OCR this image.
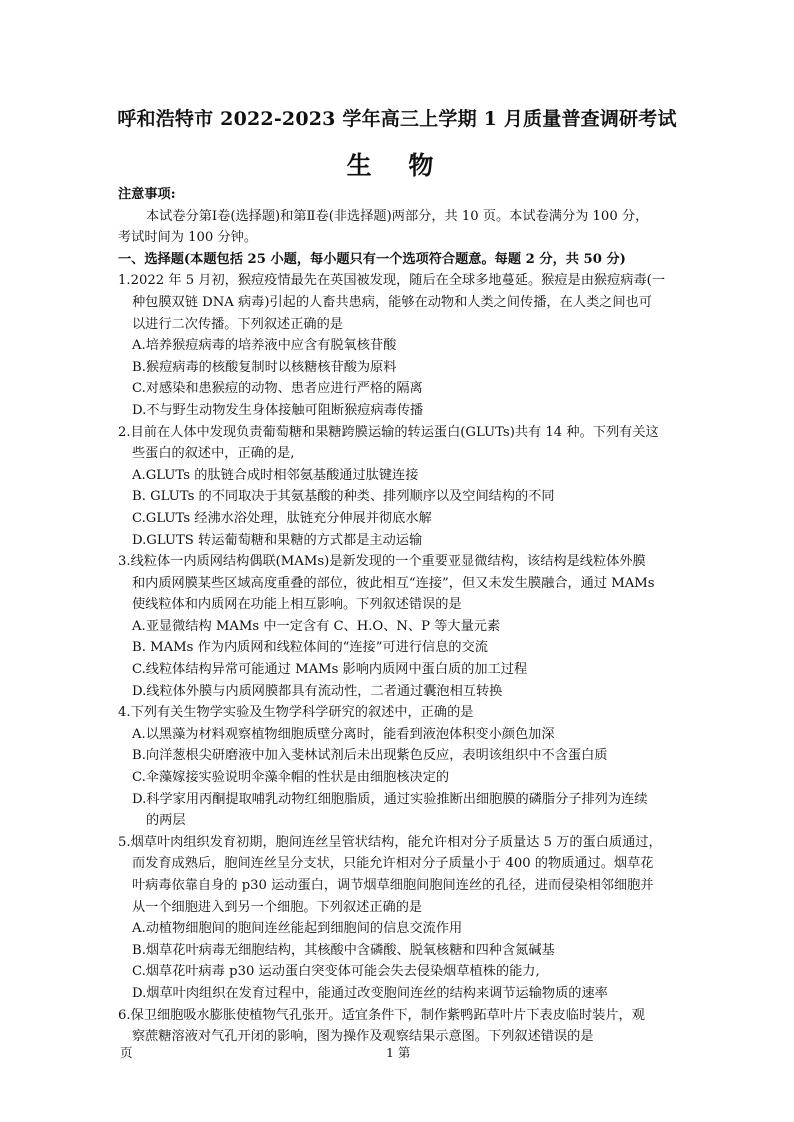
呼和浩特市 2022-2023 学年高三上学期 1 月质量普查调研考试
生 物
注意事项:
本试卷分第Ⅰ卷(选择题)和第Ⅱ卷(非选择题)两部分，共 10 页。本试卷满分为 100 分，
考试时间为 100 分钟。
一、选择题(本题包括 25 小题，每小题只有一个选项符合题意。每题 2 分，共 50 分)
1.2022 年 5 月初，猴痘疫情最先在英国被发现，随后在全球多地蔓延。猴痘是由猴痘病毒(一
种包膜双链 DNA 病毒)引起的人畜共患病，能够在动物和人类之间传播，在人类之间也可
以进行二次传播。下列叙述正确的是
A.培养猴痘病毒的培养液中应含有脱氧核苷酸
B.猴痘病毒的核酸复制时以核糖核苷酸为原料
C.对感染和患猴痘的动物、患者应进行严格的隔离
D.不与野生动物发生身体接触可阻断猴痘病毒传播
2.目前在人体中发现负责葡萄糖和果糖跨膜运输的转运蛋白(GLUTs)共有 14 种。下列有关这
些蛋白的叙述中，正确的是,
A.GLUTs 的肽链合成时相邻氨基酸通过肽键连接
B. GLUTs 的不同取决于其氨基酸的种类、排列顺序以及空间结构的不同
C.GLUTs 经沸水浴处理，肽链充分伸展并彻底水解
D.GLUTS 转运葡萄糖和果糖的方式都是主动运输
3.线粒体一内质网结构偶联(MAMs)是新发现的一个重要亚显微结构，该结构是线粒体外膜
和内质网膜某些区域高度重叠的部位，彼此相互“连接”，但又未发生膜融合，通过 MAMs
使线粒体和内质网在功能上相互影响。下列叙述错误的是
A.亚显微结构 MAMs 中一定含有 C、H.O、N、P 等大量元素
B. MAMs 作为内质网和线粒体间的“连接”可进行信息的交流
C.线粒体结构异常可能通过 MAMs 影响内质网中蛋白质的加工过程
D.线粒体外膜与内质网膜都具有流动性，二者通过囊泡相互转换
4.下列有关生物学实验及生物学科学研究的叙述中，正确的是
A.以黑藻为材料观察植物细胞质壁分离时，能看到液泡体积变小颜色加深
B.向洋葱根尖研磨液中加入斐林试剂后未出现紫色反应，表明该组织中不含蛋白质
C.伞藻嫁接实验说明伞藻伞帽的性状是由细胞核决定的
D.科学家用丙酮提取哺乳动物红细胞脂质，通过实验推断出细胞膜的磷脂分子排列为连续
的两层
5.烟草叶肉组织发育初期，胞间连丝呈管状结构，能允许相对分子质量达 5 万的蛋白质通过，
而发育成熟后，胞间连丝呈分支状，只能允许相对分子质量小于 400 的物质通过。烟草花
叶病毒依靠自身的 p30 运动蛋白，调节烟草细胞间胞间连丝的孔径，进而侵染相邻细胞并
从一个细胞进入到另一个细胞。下列叙述正确的是
A.动植物细胞间的胞间连丝能起到细胞间的信息交流作用
B.烟草花叶病毒无细胞结构，其核酸中含磷酸、脱氧核糖和四种含氮碱基
C.烟草花叶病毒 p30 运动蛋白突变体可能会失去侵染烟草植株的能力,
D.烟草叶肉组织在发育过程中，能通过改变胞间连丝的结构来调节运输物质的速率
6.保卫细胞吸水膨胀使植物气孔张开。适宜条件下，制作紫鸭跖草叶片下表皮临时装片，观
察蔗糖溶液对气孔开闭的影响，图为操作及观察结果示意图。下列叙述错误的是
页	1 第
